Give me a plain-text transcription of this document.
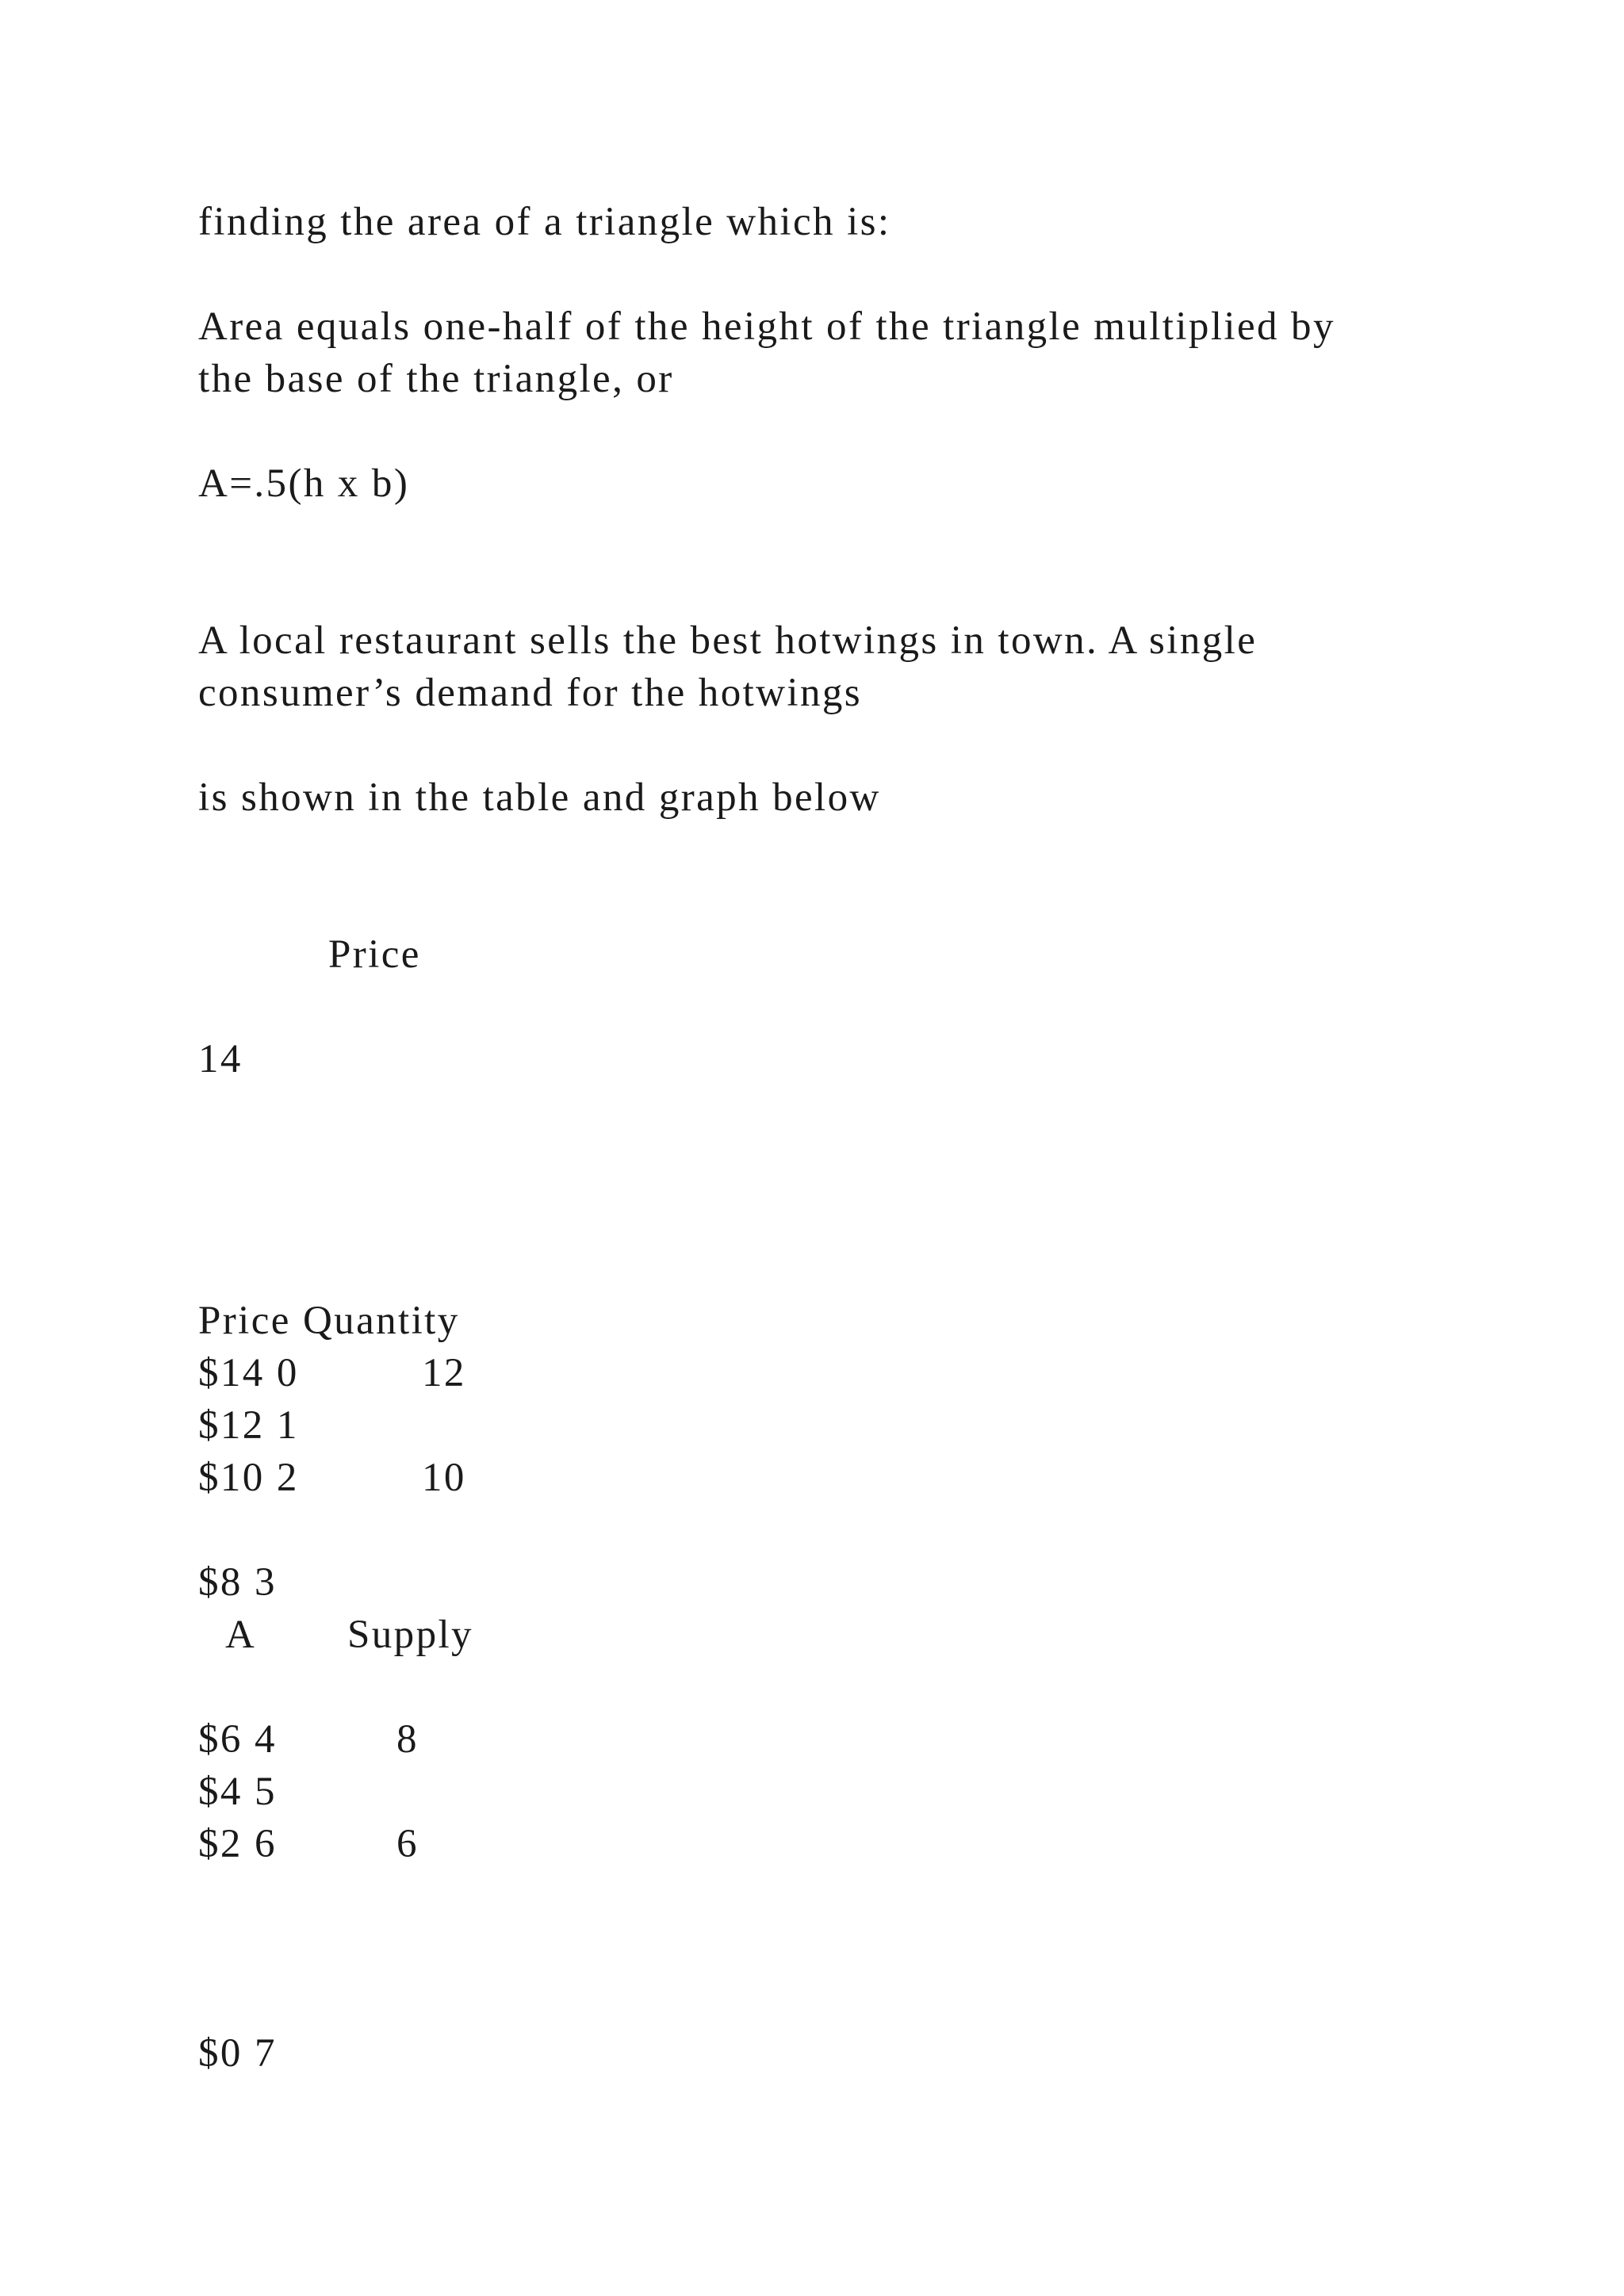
finding the area of a triangle which is:
Area equals one-half of the height of the triangle multiplied by
the base of the triangle, or
A=.5(h x b)
A local restaurant sells the best hotwings in town. A single
consumer’s demand for the hotwings
is shown in the table and graph below
Price
14
Price Quantity
$14 0	12
$12 1
$10 2	10
$8 3
A Supply
$6 4	8
$4 5
$2 6	6
$0 7
